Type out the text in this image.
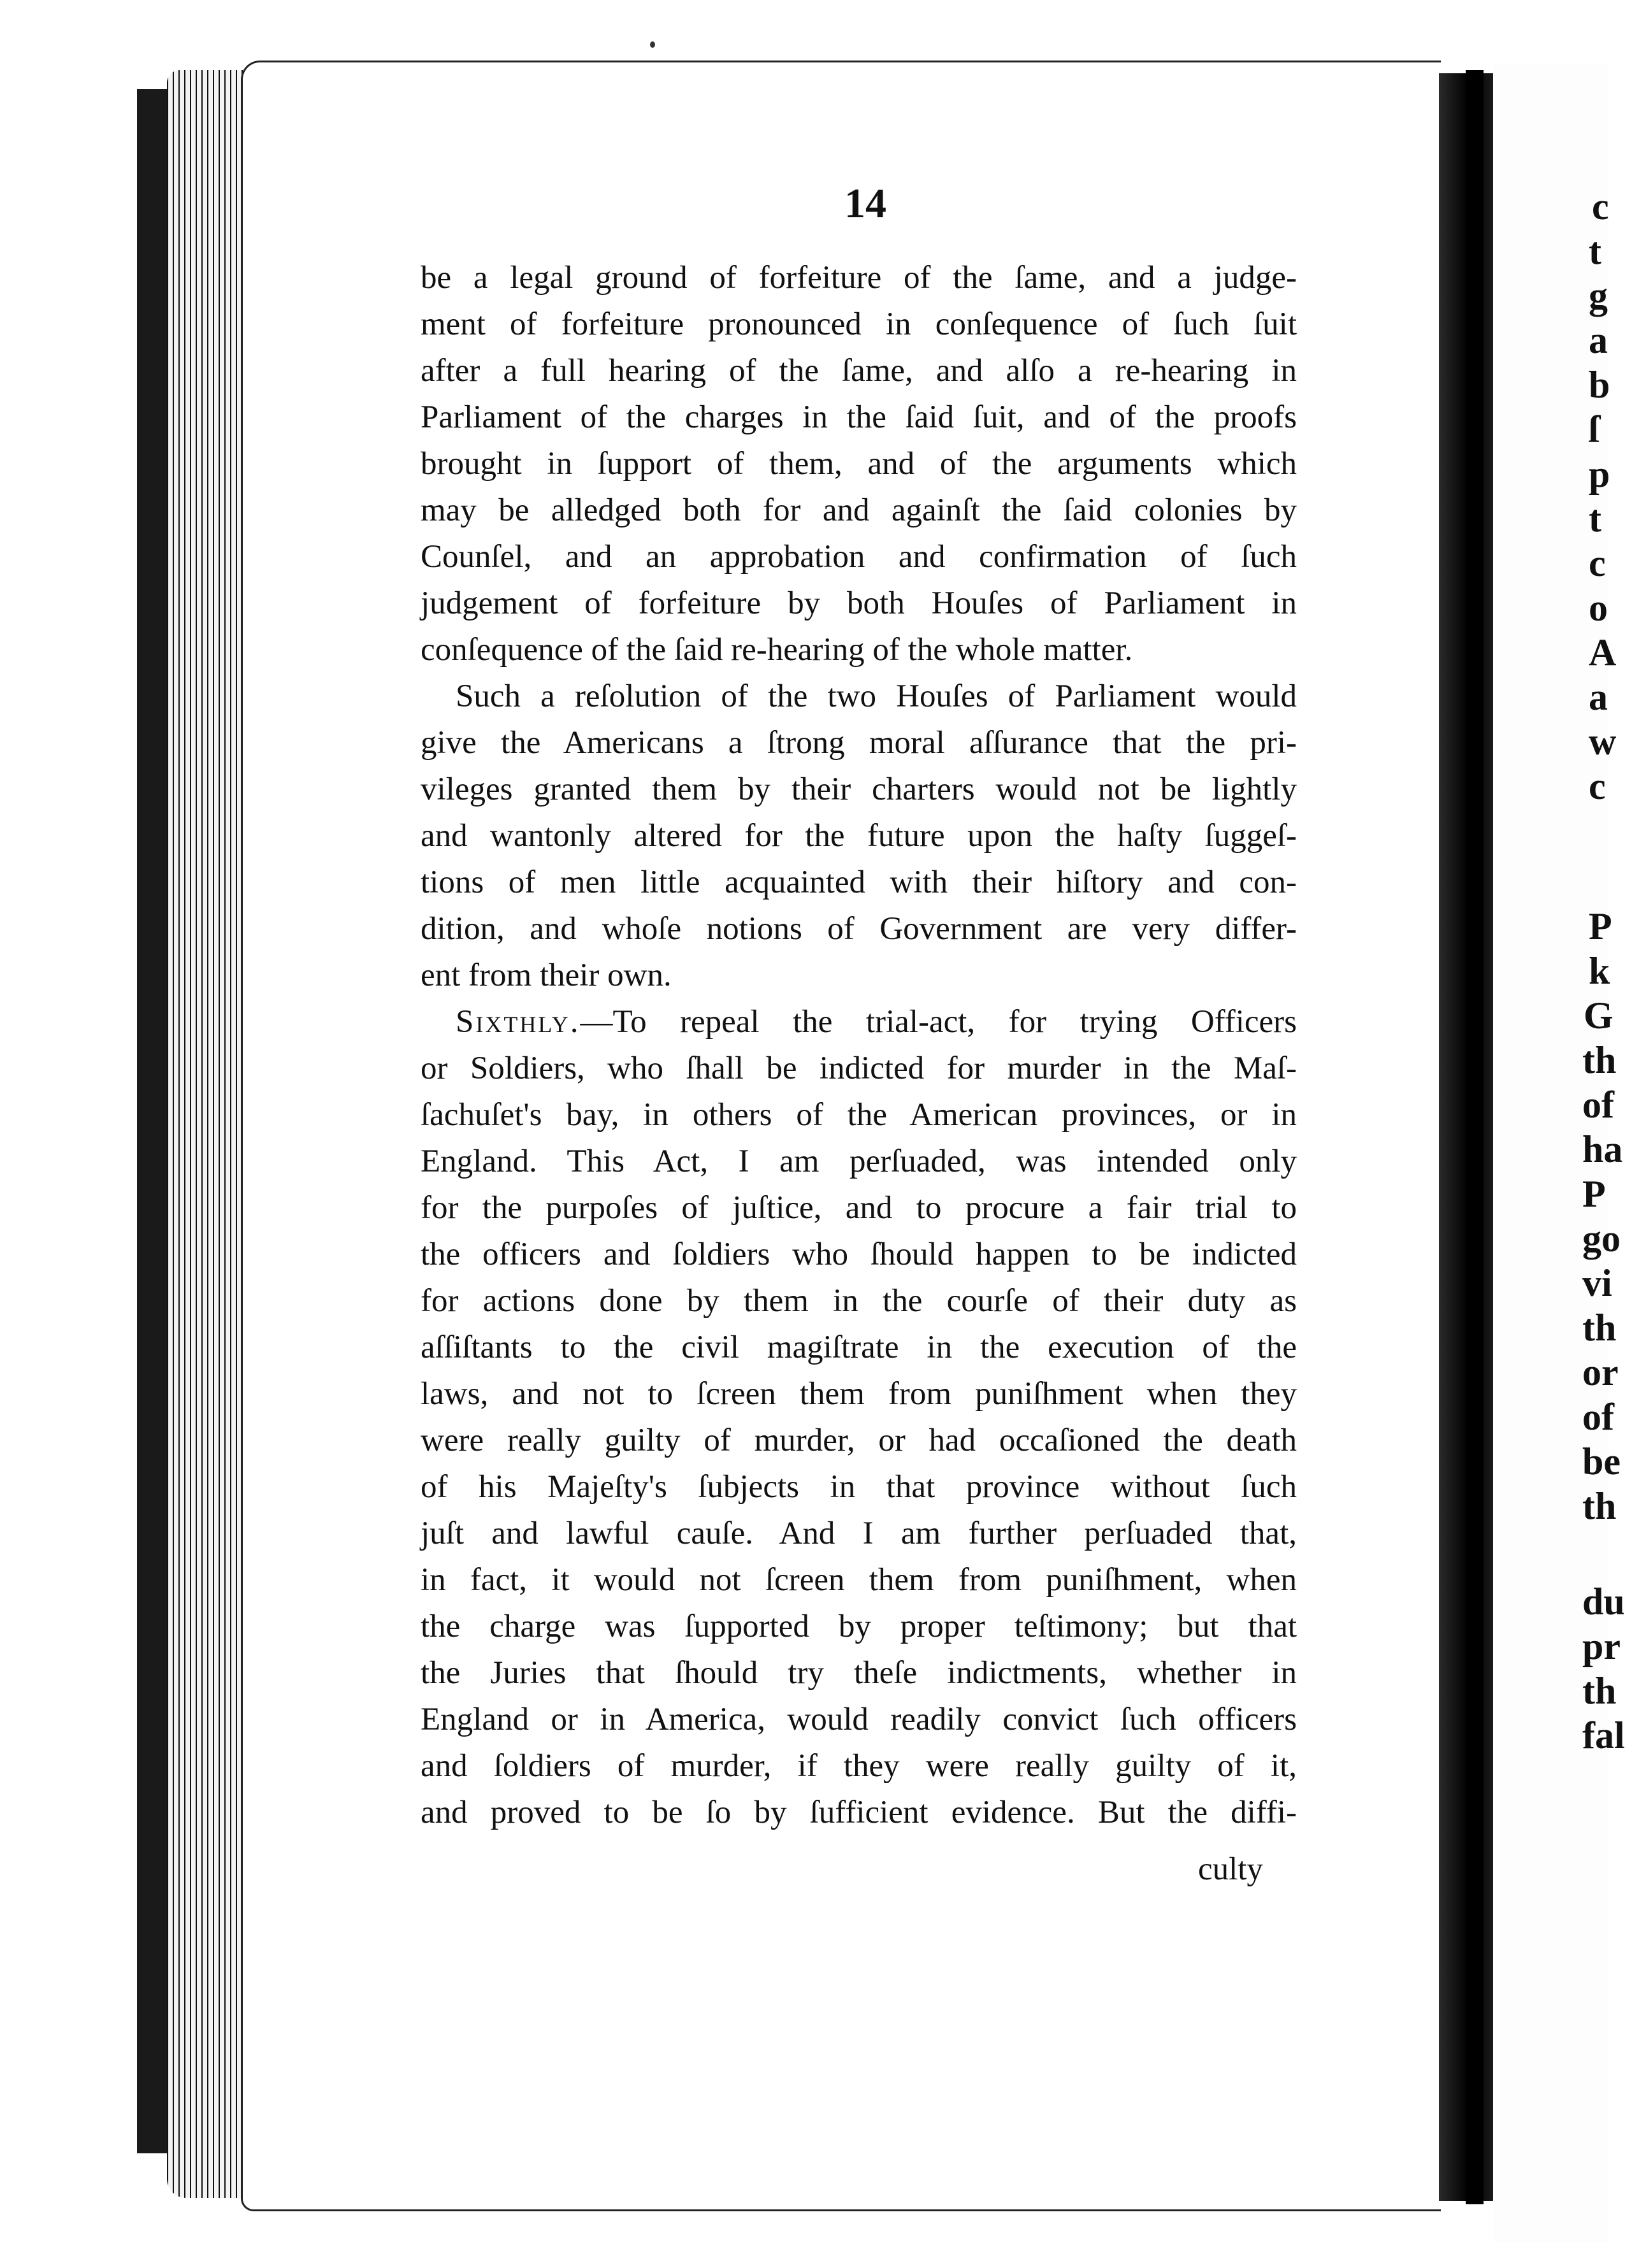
c
t
g
a
b
ſ
p
t
c
o
A
a
w
c
P
k
G
th
of
ha
P
go
vi
th
or
of
be
th
du
pr
th
fal
14
be a legal ground of forfeiture of the ſame, and a judge-
ment of forfeiture pronounced in conſequence of ſuch ſuit
after a full hearing of the ſame, and alſo a re-hearing in
Parliament of the charges in the ſaid ſuit, and of the proofs
brought in ſupport of them, and of the arguments which
may be alledged both for and againſt the ſaid colonies by
Counſel, and an approbation and confirmation of ſuch
judgement of forfeiture by both Houſes of Parliament in
conſequence of the ſaid re-hearing of the whole matter.
Such a reſolution of the two Houſes of Parliament would
give the Americans a ſtrong moral aſſurance that the pri-
vileges granted them by their charters would not be lightly
and wantonly altered for the future upon the haſty ſuggeſ-
tions of men little acquainted with their hiſtory and con-
dition, and whoſe notions of Government are very differ-
ent from their own.
Sixthly.—To repeal the trial-act, for trying Officers
or Soldiers, who ſhall be indicted for murder in the Maſ-
ſachuſet's bay, in others of the American provinces, or in
England. This Act, I am perſuaded, was intended only
for the purpoſes of juſtice, and to procure a fair trial to
the officers and ſoldiers who ſhould happen to be indicted
for actions done by them in the courſe of their duty as
aſſiſtants to the civil magiſtrate in the execution of the
laws, and not to ſcreen them from puniſhment when they
were really guilty of murder, or had occaſioned the death
of his Majeſty's ſubjects in that province without ſuch
juſt and lawful cauſe. And I am further perſuaded that,
in fact, it would not ſcreen them from puniſhment, when
the charge was ſupported by proper teſtimony; but that
the Juries that ſhould try theſe indictments, whether in
England or in America, would readily convict ſuch officers
and ſoldiers of murder, if they were really guilty of it,
and proved to be ſo by ſufficient evidence. But the diffi-
culty
